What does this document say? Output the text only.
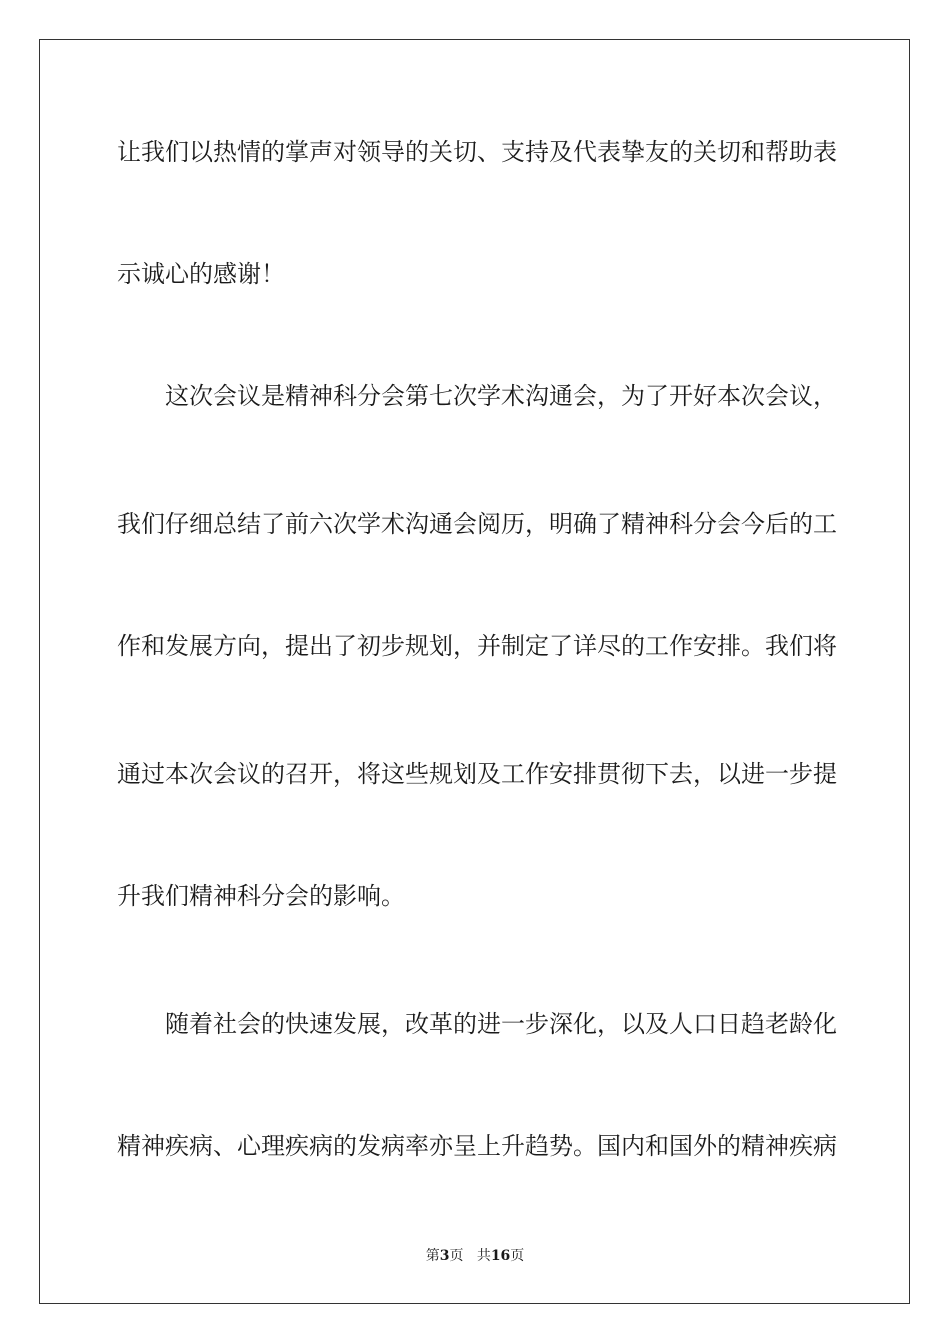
让 我 们 以 热 情 的 掌 声 对 领 导 的 关 切 、 支 持 及 代 表 挚 友 的 关 切 和 帮 助 表
示诚心的感谢！
这 次 会 议 是 精 神 科 分 会 第 七 次 学 术 沟 通 会 ， 为 了 开 好 本 次 会 议 ，
我 们 仔 细 总 结 了 前 六 次 学 术 沟 通 会 阅 历 ， 明 确 了 精 神 科 分 会 今 后 的 工
作 和 发 展 方 向 ， 提 出 了 初 步 规 划 ， 并 制 定 了 详 尽 的 工 作 安 排 。 我 们 将
通 过 本 次 会 议 的 召 开 ， 将 这 些 规 划 及 工 作 安 排 贯 彻 下 去 ， 以 进 一 步 提
升我们精神科分会的影响。
随 着 社 会 的 快 速 发 展 ， 改 革 的 进 一 步 深 化 ， 以 及 人 口 日 趋 老 龄 化
精 神 疾 病 、 心 理 疾 病 的 发 病 率 亦 呈 上 升 趋 势 。 国 内 和 国 外 的 精 神 疾 病
第3页 共16页
